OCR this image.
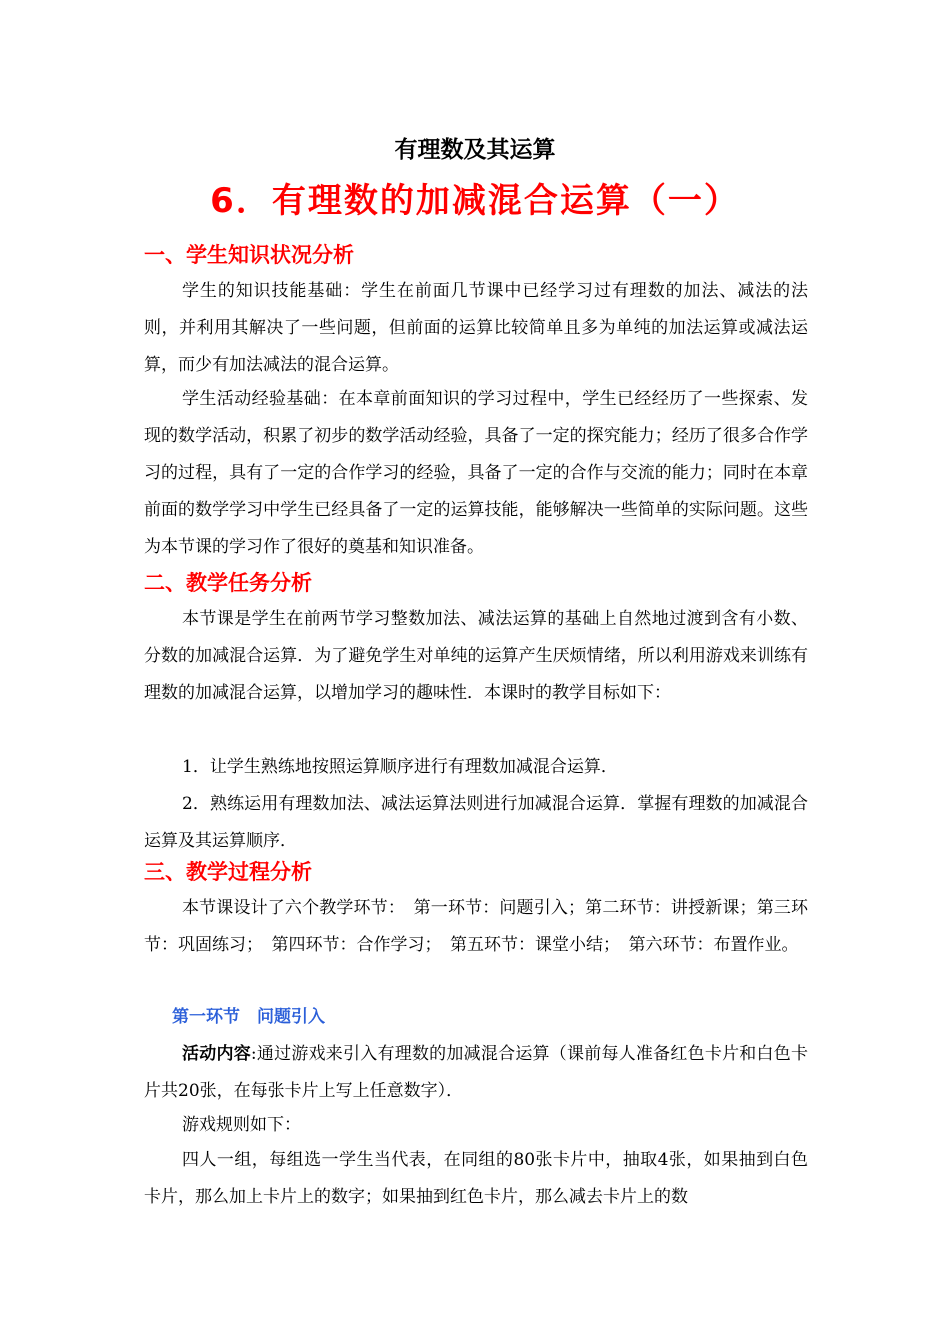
有理数及其运算
6．有理数的加减混合运算（一）
一、学生知识状况分析
学生的知识技能基础：学生在前面几节课中已经学习过有理数的加法、减法的法则，并利用其解决了一些问题，但前面的运算比较简单且多为单纯的加法运算或减法运算，而少有加法减法的混合运算。
学生活动经验基础：在本章前面知识的学习过程中，学生已经经历了一些探索、发现的数学活动，积累了初步的数学活动经验，具备了一定的探究能力；经历了很多合作学习的过程，具有了一定的合作学习的经验，具备了一定的合作与交流的能力；同时在本章前面的数学学习中学生已经具备了一定的运算技能，能够解决一些简单的实际问题。这些为本节课的学习作了很好的奠基和知识准备。
二、教学任务分析
本节课是学生在前两节学习整数加法、减法运算的基础上自然地过渡到含有小数、分数的加减混合运算．为了避免学生对单纯的运算产生厌烦情绪，所以利用游戏来训练有理数的加减混合运算，以增加学习的趣味性．本课时的教学目标如下：
1．让学生熟练地按照运算顺序进行有理数加减混合运算．
2．熟练运用有理数加法、减法运算法则进行加减混合运算．掌握有理数的加减混合运算及其运算顺序．
三、教学过程分析
本节课设计了六个教学环节：　第一环节：问题引入；第二环节：讲授新课；第三环节：巩固练习；　第四环节：合作学习；　第五环节：课堂小结；　第六环节：布置作业。
第一环节　问题引入
活动内容:通过游戏来引入有理数的加减混合运算（课前每人准备红色卡片和白色卡片共20张，在每张卡片上写上任意数字）．
游戏规则如下：
四人一组，每组选一学生当代表，在同组的80张卡片中，抽取4张，如果抽到白色卡片，那么加上卡片上的数字；如果抽到红色卡片，那么减去卡片上的数
